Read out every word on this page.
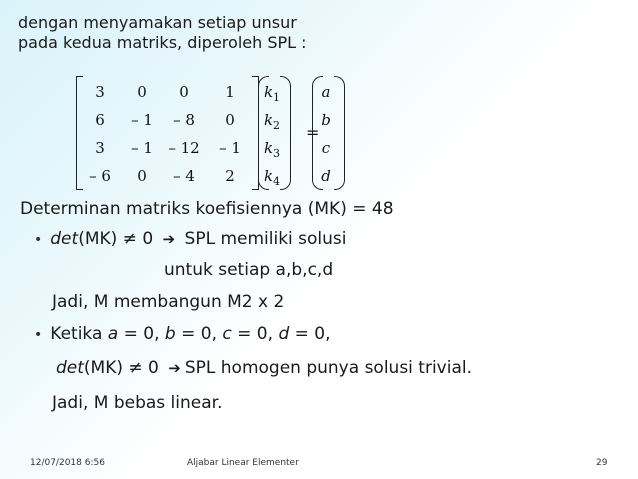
dengan menyamakan setiap unsur
pada kedua matriks, diperoleh SPL :
3	0	0	1
6	– 1	– 8	0
3	– 1	– 12	– 1
– 6	0	– 4	2
$k_1$
$k_2$
$k_3$
$k_4$
=
a
b
c
d
Determinan matriks koefisiennya (MK) = 48
• det(MK) ≠ 0 ➔ SPL memiliki solusi
untuk setiap a,b,c,d
Jadi, M membangun M2 x 2
• Ketika a = 0, b = 0, c = 0, d = 0,
det(MK) ≠ 0 ➔ SPL homogen punya solusi trivial.
Jadi, M bebas linear.
12/07/2018 6:56	Aljabar Linear Elementer	29
